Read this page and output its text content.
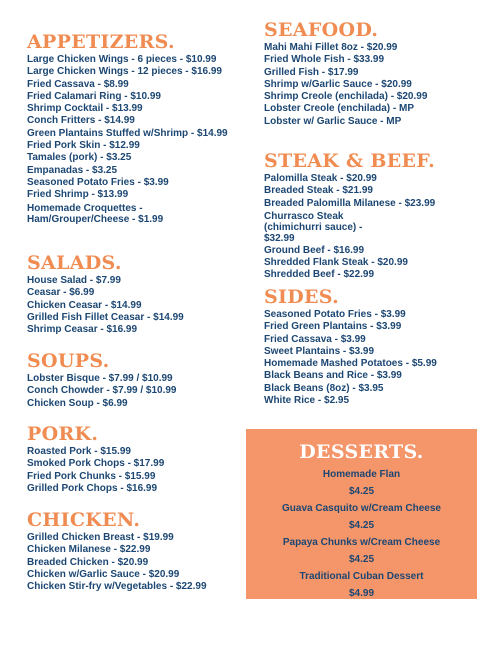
APPETIZERS.
Large Chicken Wings - 6 pieces - $10.99
Large Chicken Wings - 12 pieces - $16.99
Fried Cassava - $8.99
Fried Calamari Ring - $10.99
Shrimp Cocktail - $13.99
Conch Fritters - $14.99
Green Plantains Stuffed w/Shrimp - $14.99
Fried Pork Skin - $12.99
Tamales (pork) - $3.25
Empanadas - $3.25
Seasoned Potato Fries - $3.99
Fried Shrimp - $13.99
Homemade Croquettes - Ham/Grouper/Cheese - $1.99
SALADS.
House Salad - $7.99
Ceasar - $6.99
Chicken Ceasar - $14.99
Grilled Fish Fillet Ceasar - $14.99
Shrimp Ceasar - $16.99
SOUPS.
Lobster Bisque - $7.99 / $10.99
Conch Chowder - $7.99 / $10.99
Chicken Soup - $6.99
PORK.
Roasted Pork - $15.99
Smoked Pork Chops - $17.99
Fried Pork Chunks - $15.99
Grilled Pork Chops - $16.99
CHICKEN.
Grilled Chicken Breast - $19.99
Chicken Milanese - $22.99
Breaded Chicken - $20.99
Chicken w/Garlic Sauce - $20.99
Chicken Stir-fry w/Vegetables - $22.99
SEAFOOD.
Mahi Mahi Fillet 8oz - $20.99
Fried Whole Fish - $33.99
Grilled Fish - $17.99
Shrimp w/Garlic Sauce - $20.99
Shrimp Creole (enchilada) - $20.99
Lobster Creole (enchilada) - MP
Lobster w/ Garlic Sauce - MP
STEAK & BEEF.
Palomilla Steak - $20.99
Breaded Steak - $21.99
Breaded Palomilla Milanese - $23.99
Churrasco Steak (chimichurri sauce) - $32.99
Ground Beef - $16.99
Shredded Flank Steak - $20.99
Shredded Beef - $22.99
SIDES.
Seasoned Potato Fries - $3.99
Fried Green Plantains - $3.99
Fried Cassava - $3.99
Sweet Plantains - $3.99
Homemade Mashed Potatoes - $5.99
Black Beans and Rice - $3.99
Black Beans (8oz) - $3.95
White Rice - $2.95
DESSERTS.
Homemade Flan
$4.25
Guava Casquito w/Cream Cheese
$4.25
Papaya Chunks w/Cream Cheese
$4.25
Traditional Cuban Dessert
$4.99
